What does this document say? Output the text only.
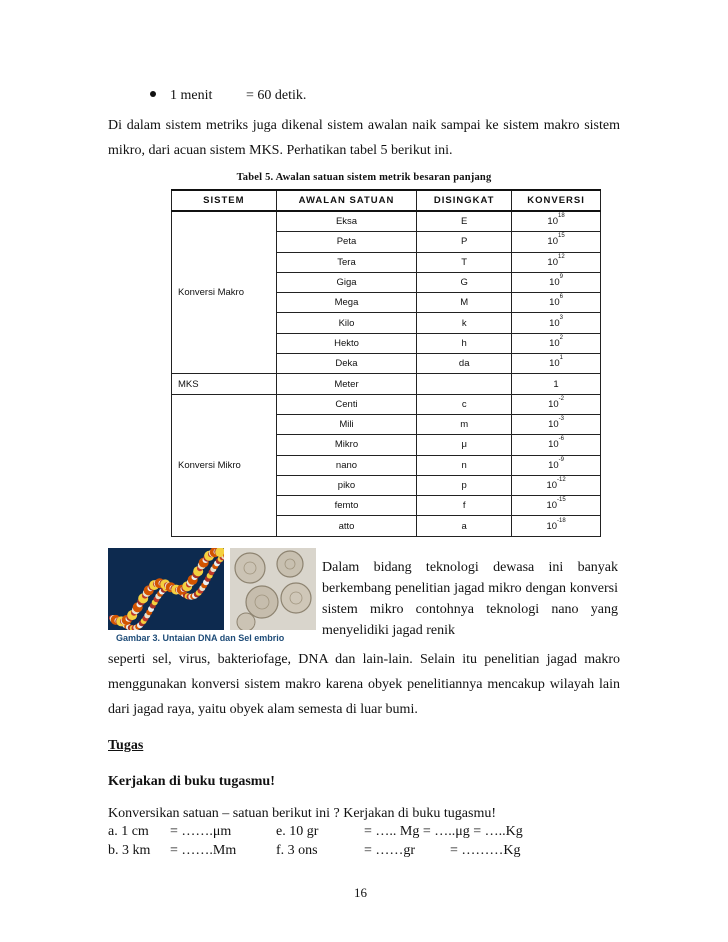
1 menit = 60 detik.

Di dalam sistem metriks juga dikenal sistem awalan naik sampai ke sistem makro sistem mikro, dari acuan sistem MKS. Perhatikan tabel 5 berikut ini.

Tabel 5. Awalan satuan sistem metrik besaran panjang
SISTEM	AWALAN SATUAN	DISINGKAT	KONVERSI
Konversi Makro	Eksa	E	$10^{18}$
	Peta	P	$10^{15}$
	Tera	T	$10^{12}$
	Giga	G	$10^9$
	Mega	M	$10^6$
	Kilo	k	$10^3$
	Hekto	h	$10^2$
	Deka	da	$10^1$
MKS	Meter		1
Konversi Mikro	Centi	c	$10^{-2}$
	Mili	m	$10^{-3}$
	Mikro	μ	$10^{-6}$
	nano	n	$10^{-9}$
	piko	p	$10^{-12}$
	femto	f	$10^{-15}$
	atto	a	$10^{-18}$
Gambar 3. Untaian DNA dan Sel embrio

Dalam bidang teknologi dewasa ini banyak berkembang penelitian jagad mikro dengan konversi sistem mikro contohnya teknologi nano yang menyelidiki jagad renik

seperti sel, virus, bakteriofage, DNA dan lain-lain. Selain itu penelitian jagad makro menggunakan konversi sistem makro karena obyek penelitiannya mencakup wilayah lain dari jagad raya, yaitu obyek alam semesta di luar bumi.

Tugas
Kerjakan di buku tugasmu!
Konversikan satuan – satuan berikut ini ? Kerjakan di buku tugasmu!
a. 1 cm = …….μm	e. 10 gr	= ….. Mg = …..μg = …..Kg
b. 3 km = …….Mm	f. 3 ons	= ……gr = ………Kg
16
